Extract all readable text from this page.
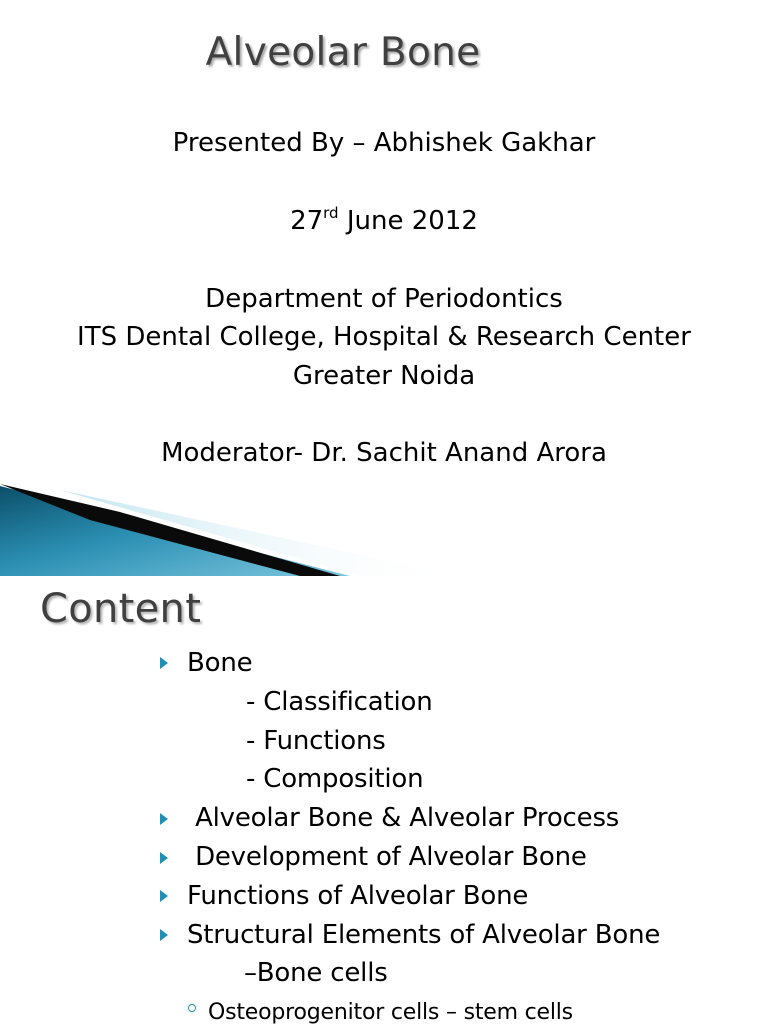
Alveolar Bone
Presented By – Abhishek Gakhar
27rd June 2012
Department of Periodontics
ITS Dental College, Hospital & Research Center
Greater Noida
Moderator- Dr. Sachit Anand Arora
Content
Bone
- Classification
- Functions
- Composition
Alveolar Bone & Alveolar Process
Development of Alveolar Bone
Functions of Alveolar Bone
Structural Elements of Alveolar Bone
–Bone cells
Osteoprogenitor cells – stem cells
